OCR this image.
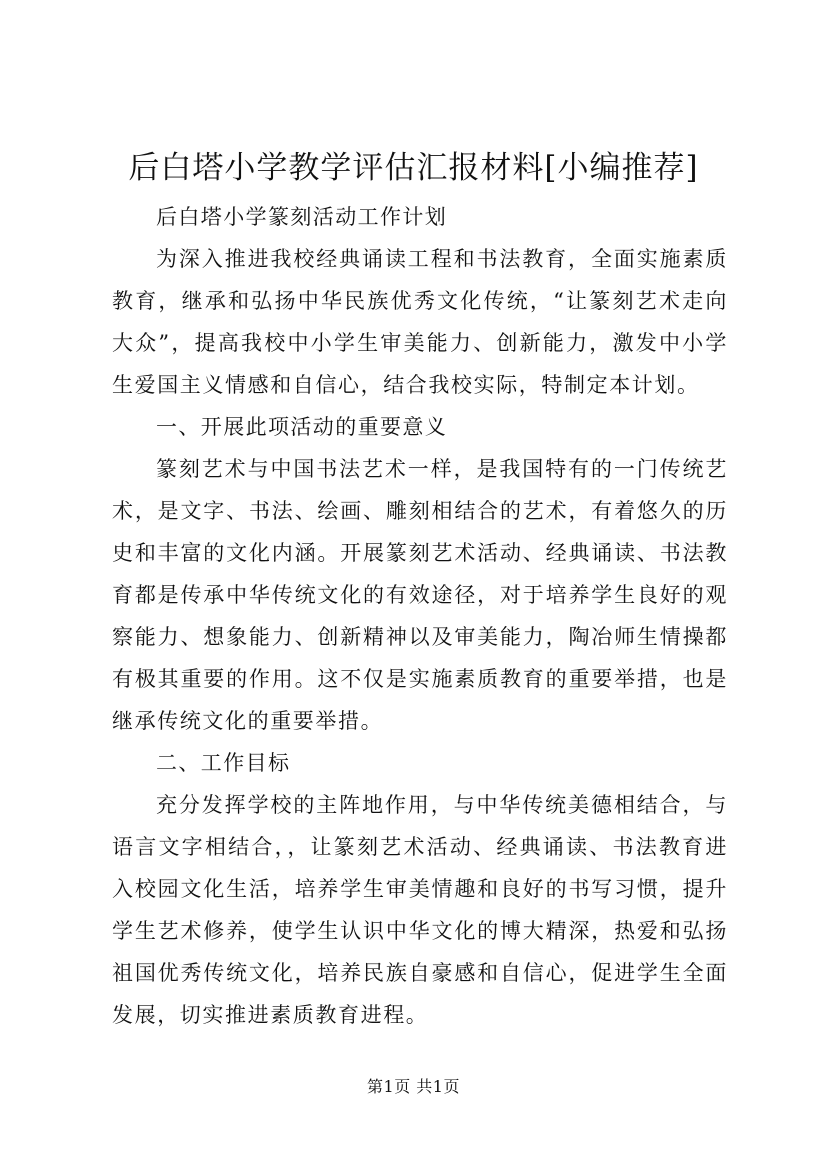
后白塔小学教学评估汇报材料[小编推荐]

后白塔小学篆刻活动工作计划

为深入推进我校经典诵读工程和书法教育，全面实施素质教育，继承和弘扬中华民族优秀文化传统，“让篆刻艺术走向大众”，提高我校中小学生审美能力、创新能力，激发中小学生爱国主义情感和自信心，结合我校实际，特制定本计划。

一、开展此项活动的重要意义

篆刻艺术与中国书法艺术一样，是我国特有的一门传统艺术，是文字、书法、绘画、雕刻相结合的艺术，有着悠久的历史和丰富的文化内涵。开展篆刻艺术活动、经典诵读、书法教育都是传承中华传统文化的有效途径，对于培养学生良好的观察能力、想象能力、创新精神以及审美能力，陶冶师生情操都有极其重要的作用。这不仅是实施素质教育的重要举措，也是继承传统文化的重要举措。

二、工作目标

充分发挥学校的主阵地作用，与中华传统美德相结合，与语言文字相结合，，让篆刻艺术活动、经典诵读、书法教育进入校园文化生活，培养学生审美情趣和良好的书写习惯，提升学生艺术修养，使学生认识中华文化的博大精深，热爱和弘扬祖国优秀传统文化，培养民族自豪感和自信心，促进学生全面发展，切实推进素质教育进程。

第1页 共1页
